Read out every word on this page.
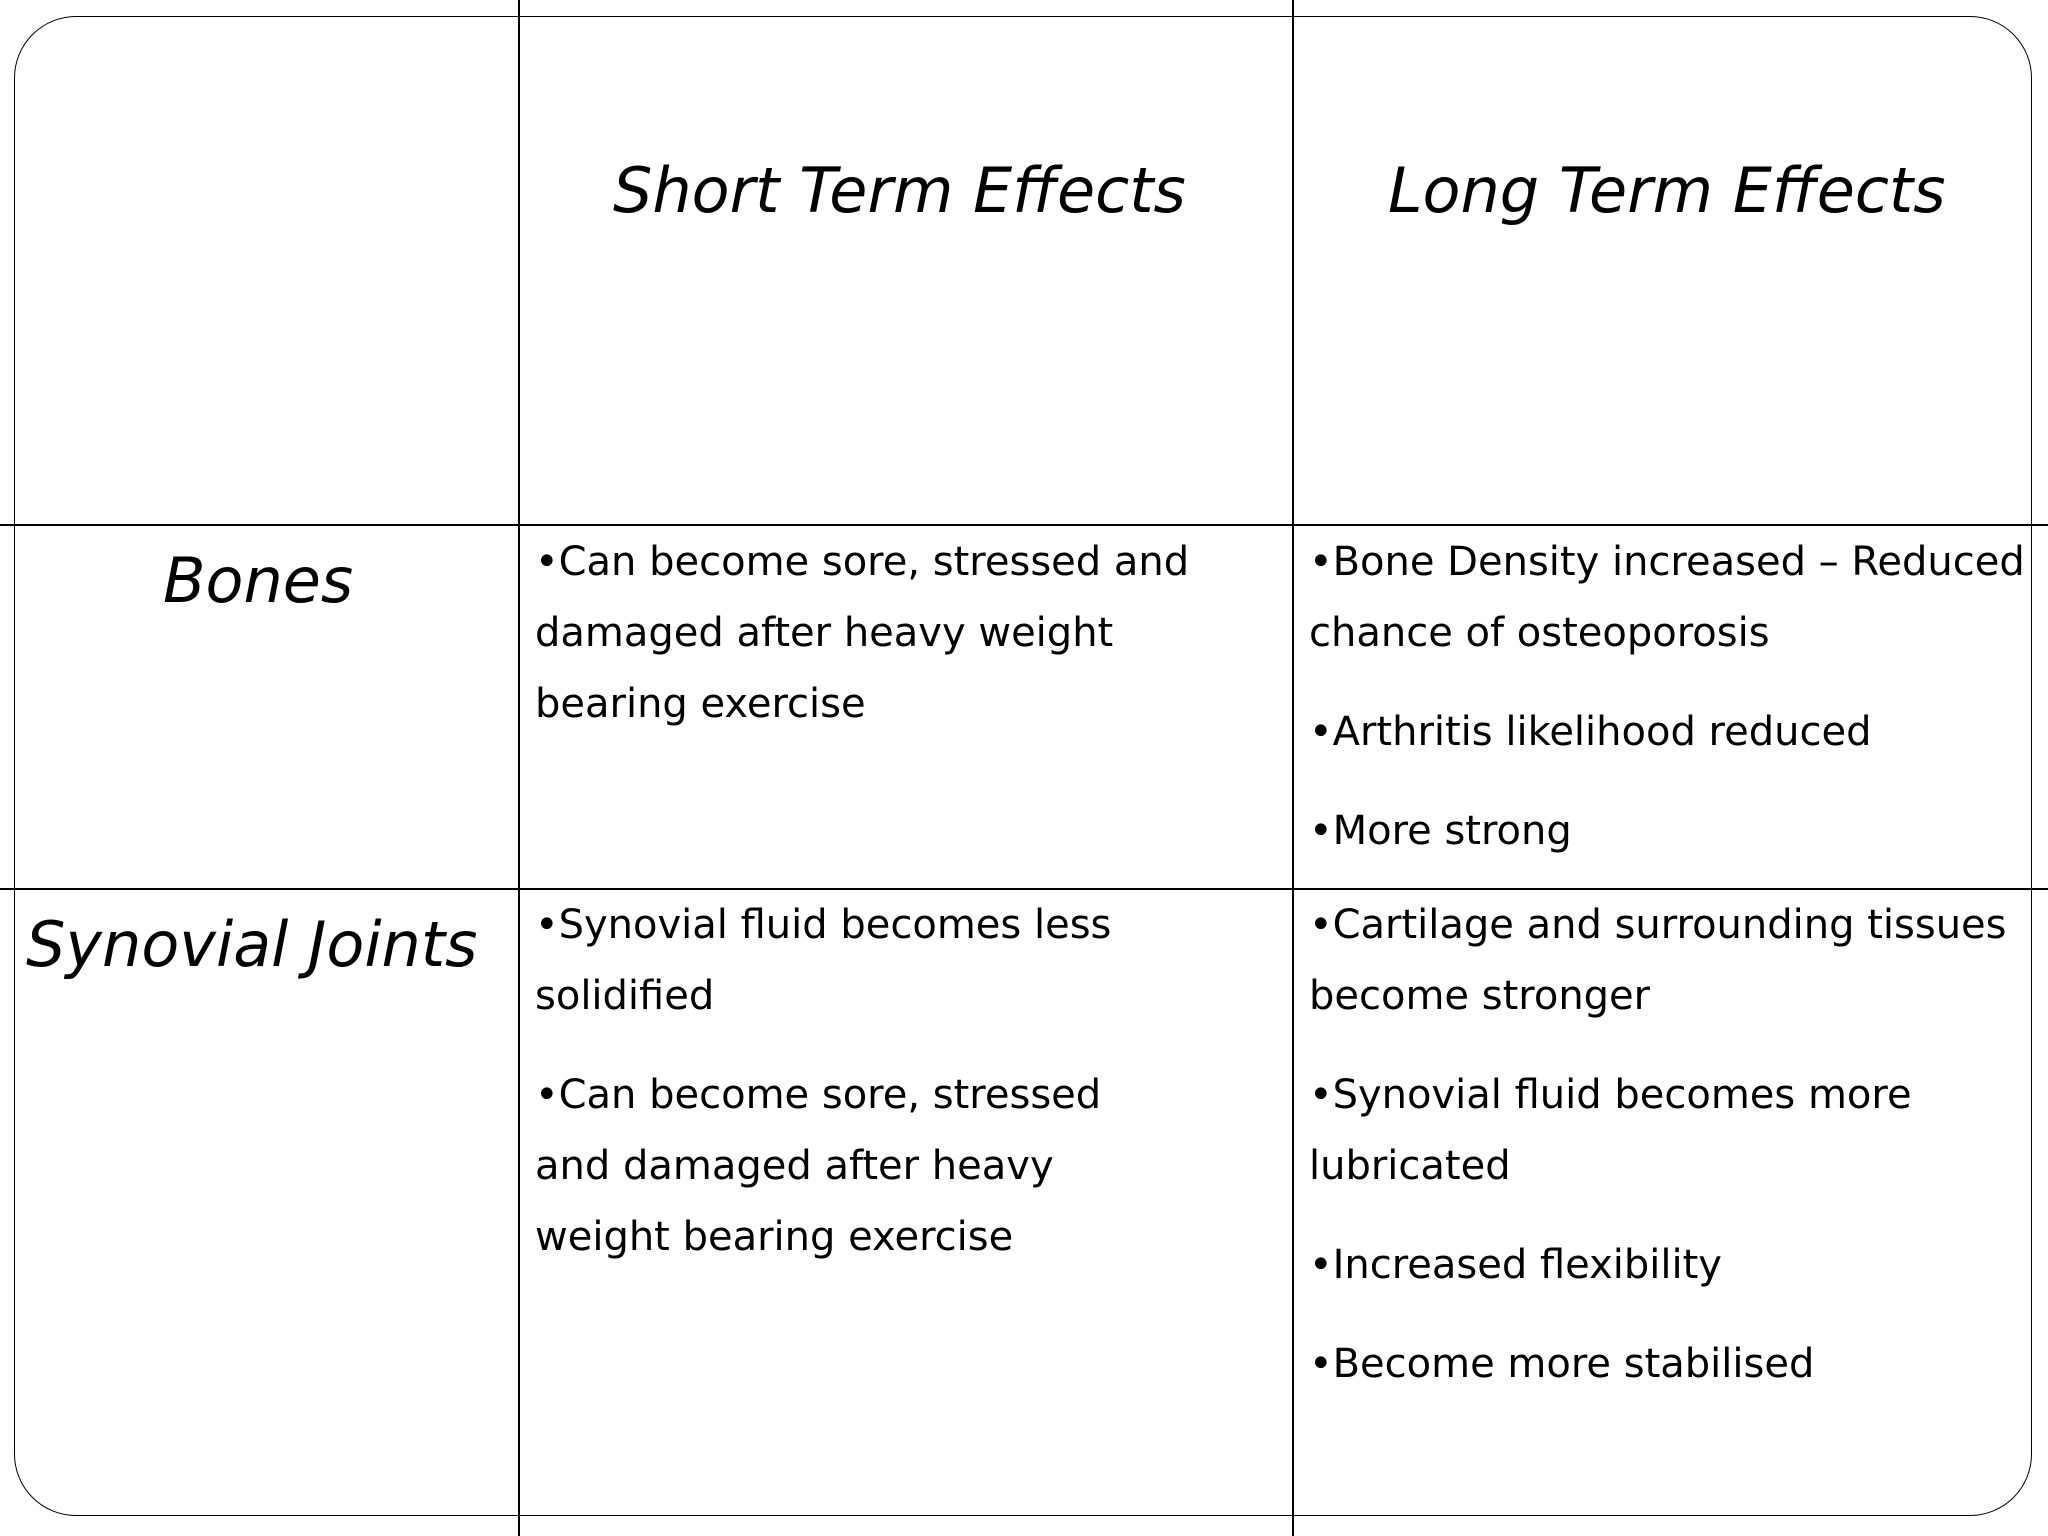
Short Term Effects	Long Term Effects
Bones
Synovial Joints
•Can become sore, stressed and damaged after heavy weight bearing exercise
•Bone Density increased – Reduced chance of osteoporosis
•Arthritis likelihood reduced
•More strong
•Synovial fluid becomes less solidified
•Can become sore, stressed and damaged after heavy weight bearing exercise
•Cartilage and surrounding tissues become stronger
•Synovial fluid becomes more lubricated
•Increased flexibility
•Become more stabilised
